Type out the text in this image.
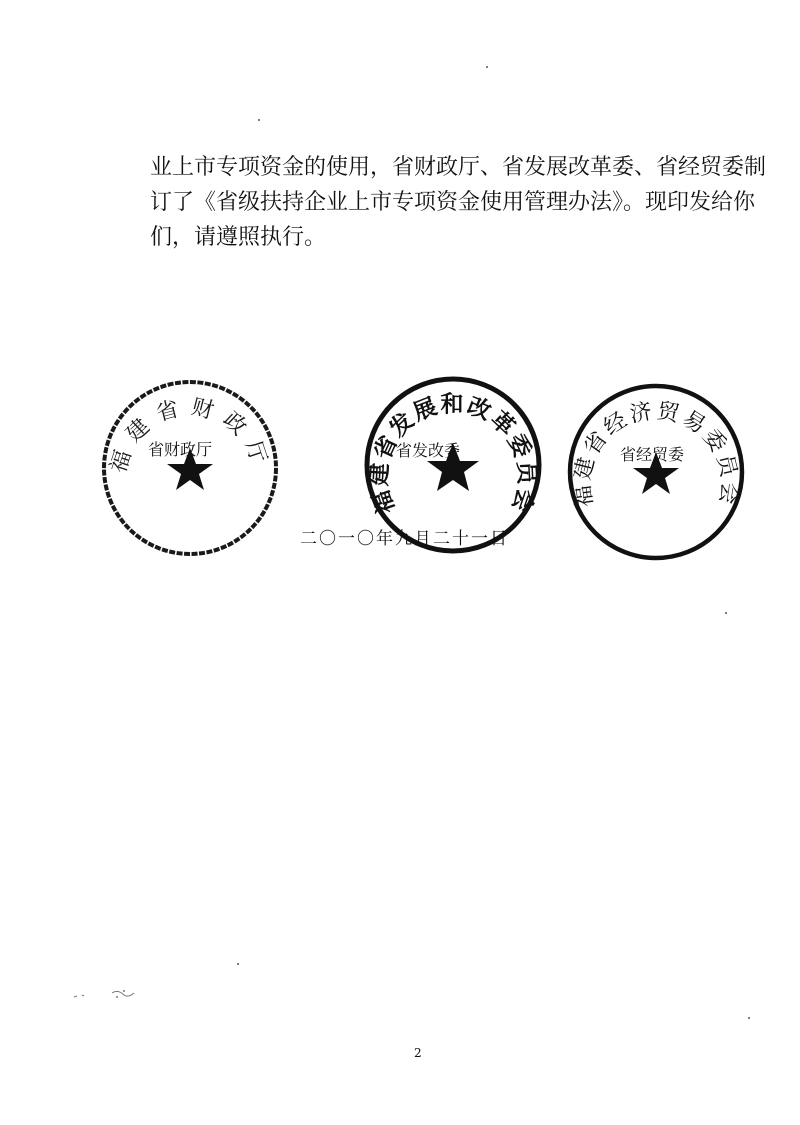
业上市专项资金的使用，省财政厅、省发展改革委、省经贸委制
订了《省级扶持企业上市专项资金使用管理办法》。现印发给你
们，请遵照执行。
福建省财政厅
省财政厅
福建省发展和改革委员会
省发改委
福建省经济贸易委员会
省经贸委
二〇一〇年九月二十一日
2
